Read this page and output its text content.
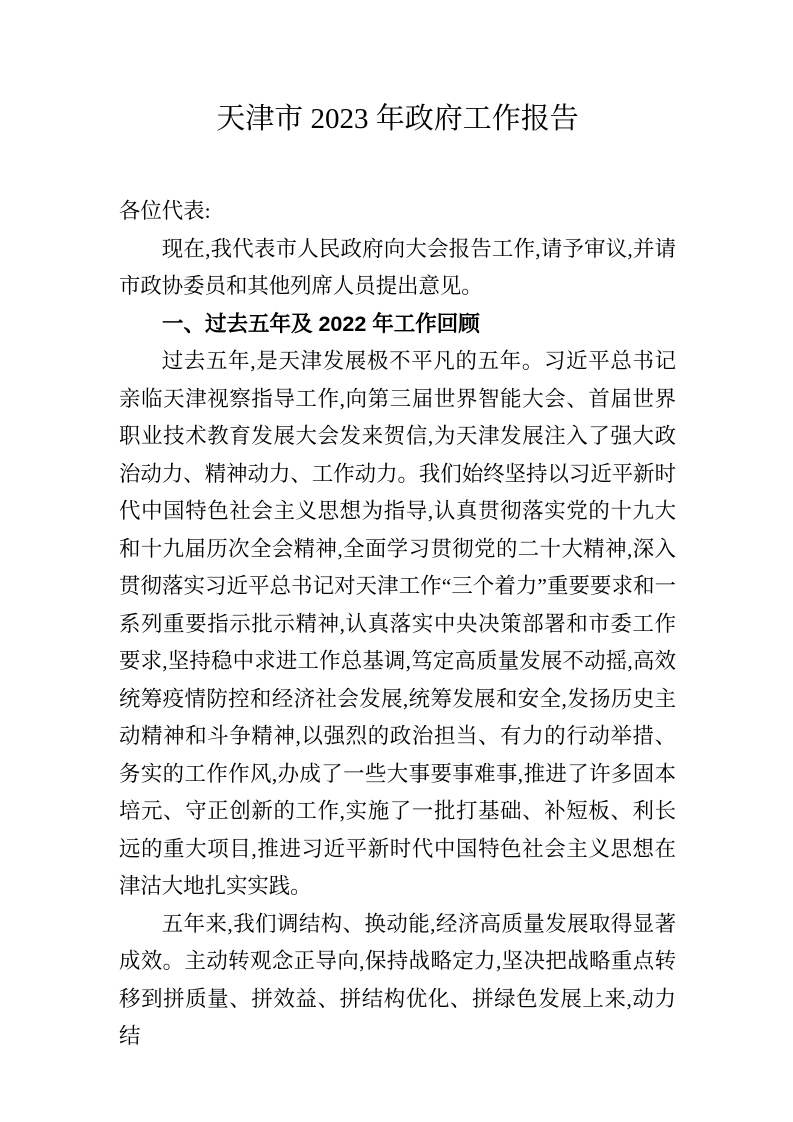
天津市 2023 年政府工作报告

各位代表:

现在,我代表市人民政府向大会报告工作,请予审议,并请市政协委员和其他列席人员提出意见。

一、过去五年及 2022 年工作回顾

过去五年,是天津发展极不平凡的五年。习近平总书记亲临天津视察指导工作,向第三届世界智能大会、首届世界职业技术教育发展大会发来贺信,为天津发展注入了强大政治动力、精神动力、工作动力。我们始终坚持以习近平新时代中国特色社会主义思想为指导,认真贯彻落实党的十九大和十九届历次全会精神,全面学习贯彻党的二十大精神,深入贯彻落实习近平总书记对天津工作“三个着力”重要要求和一系列重要指示批示精神,认真落实中央决策部署和市委工作要求,坚持稳中求进工作总基调,笃定高质量发展不动摇,高效统筹疫情防控和经济社会发展,统筹发展和安全,发扬历史主动精神和斗争精神,以强烈的政治担当、有力的行动举措、务实的工作作风,办成了一些大事要事难事,推进了许多固本培元、守正创新的工作,实施了一批打基础、补短板、利长远的重大项目,推进习近平新时代中国特色社会主义思想在津沽大地扎实实践。

五年来,我们调结构、换动能,经济高质量发展取得显著成效。主动转观念正导向,保持战略定力,坚决把战略重点转移到拼质量、拼效益、拼结构优化、拼绿色发展上来,动力结
